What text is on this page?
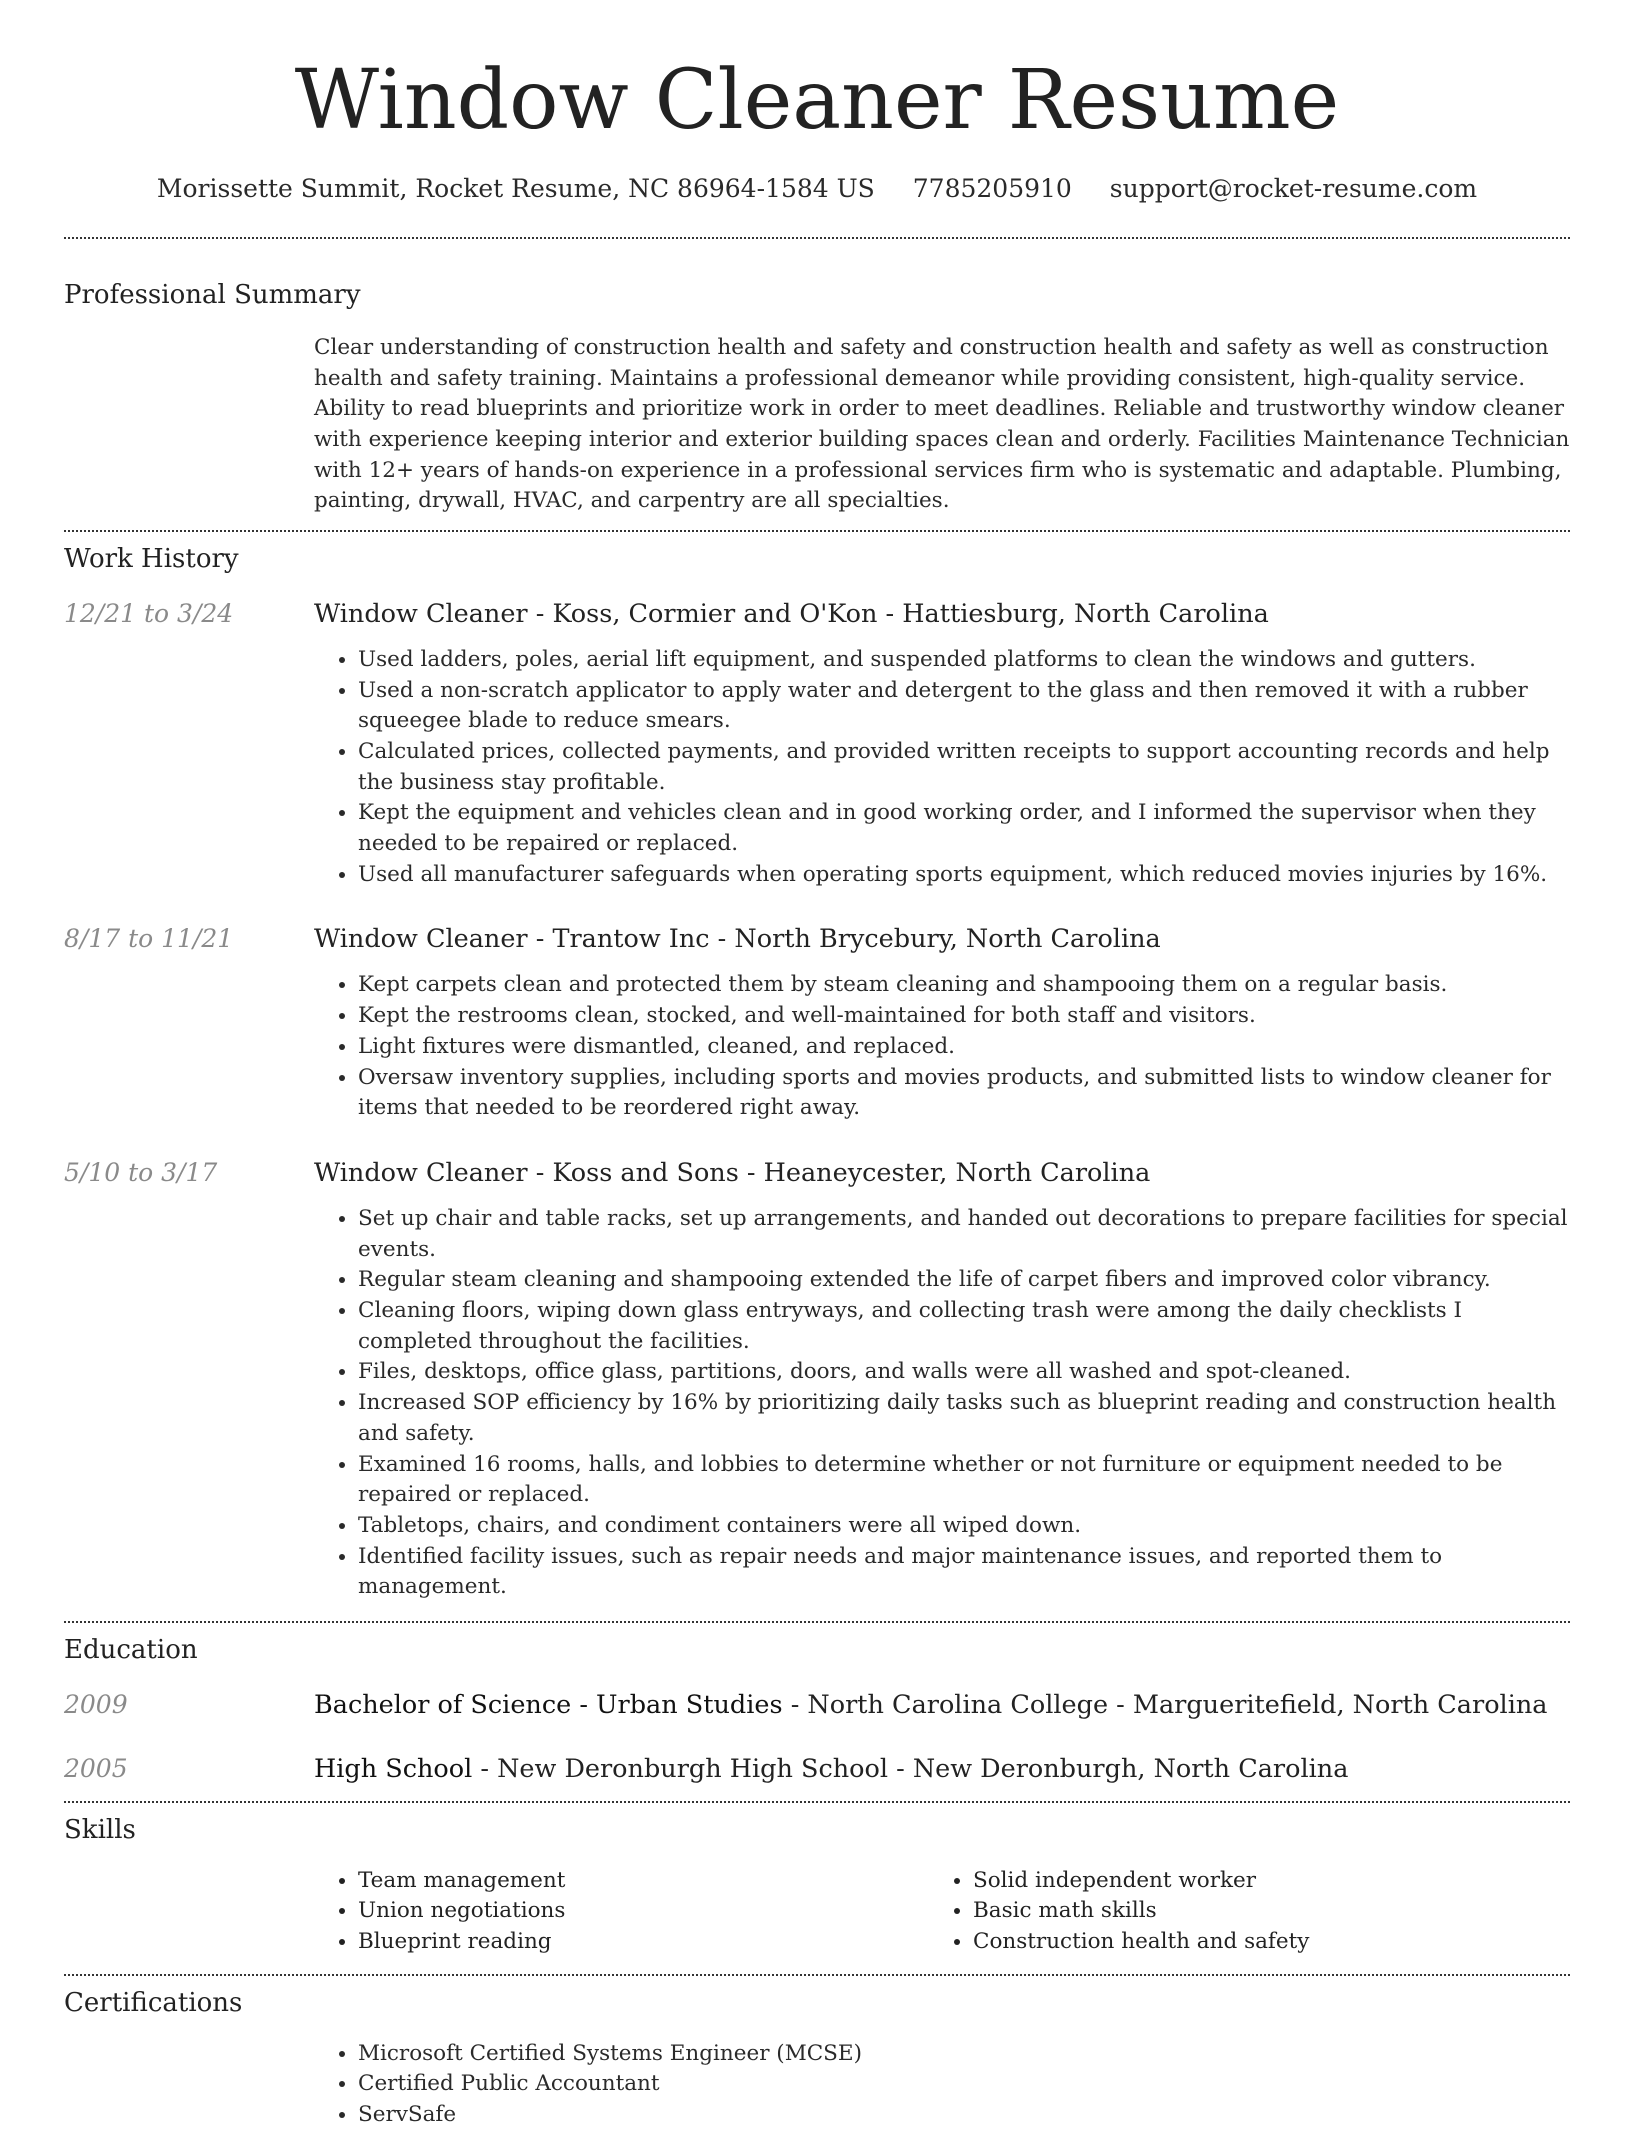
Window Cleaner Resume
Morissette Summit, Rocket Resume, NC 86964-1584 US 7785205910 support@rocket-resume.com
Professional Summary

Clear understanding of construction health and safety and construction health and safety as well as construction health and safety training. Maintains a professional demeanor while providing consistent, high-quality service. Ability to read blueprints and prioritize work in order to meet deadlines. Reliable and trustworthy window cleaner with experience keeping interior and exterior building spaces clean and orderly. Facilities Maintenance Technician with 12+ years of hands-on experience in a professional services firm who is systematic and adaptable. Plumbing, painting, drywall, HVAC, and carpentry are all specialties.

Work History
12/21 to 3/24	Window Cleaner - Koss, Cormier and O'Kon - Hattiesburg, North Carolina
• Used ladders, poles, aerial lift equipment, and suspended platforms to clean the windows and gutters.
• Used a non-scratch applicator to apply water and detergent to the glass and then removed it with a rubber squeegee blade to reduce smears.
• Calculated prices, collected payments, and provided written receipts to support accounting records and help the business stay profitable.
• Kept the equipment and vehicles clean and in good working order, and I informed the supervisor when they needed to be repaired or replaced.
• Used all manufacturer safeguards when operating sports equipment, which reduced movies injuries by 16%.
8/17 to 11/21	Window Cleaner - Trantow Inc - North Brycebury, North Carolina
• Kept carpets clean and protected them by steam cleaning and shampooing them on a regular basis.
• Kept the restrooms clean, stocked, and well-maintained for both staff and visitors.
• Light fixtures were dismantled, cleaned, and replaced.
• Oversaw inventory supplies, including sports and movies products, and submitted lists to window cleaner for items that needed to be reordered right away.
5/10 to 3/17	Window Cleaner - Koss and Sons - Heaneycester, North Carolina
• Set up chair and table racks, set up arrangements, and handed out decorations to prepare facilities for special events.
• Regular steam cleaning and shampooing extended the life of carpet fibers and improved color vibrancy.
• Cleaning floors, wiping down glass entryways, and collecting trash were among the daily checklists I completed throughout the facilities.
• Files, desktops, office glass, partitions, doors, and walls were all washed and spot-cleaned.
• Increased SOP efficiency by 16% by prioritizing daily tasks such as blueprint reading and construction health and safety.
• Examined 16 rooms, halls, and lobbies to determine whether or not furniture or equipment needed to be repaired or replaced.
• Tabletops, chairs, and condiment containers were all wiped down.
• Identified facility issues, such as repair needs and major maintenance issues, and reported them to management.
Education
2009	Bachelor of Science - Urban Studies - North Carolina College - Margueritefield, North Carolina
2005	High School - New Deronburgh High School - New Deronburgh, North Carolina
Skills
• Team management
• Union negotiations
• Blueprint reading
• Solid independent worker
• Basic math skills
• Construction health and safety
Certifications
• Microsoft Certified Systems Engineer (MCSE)
• Certified Public Accountant
• ServSafe
